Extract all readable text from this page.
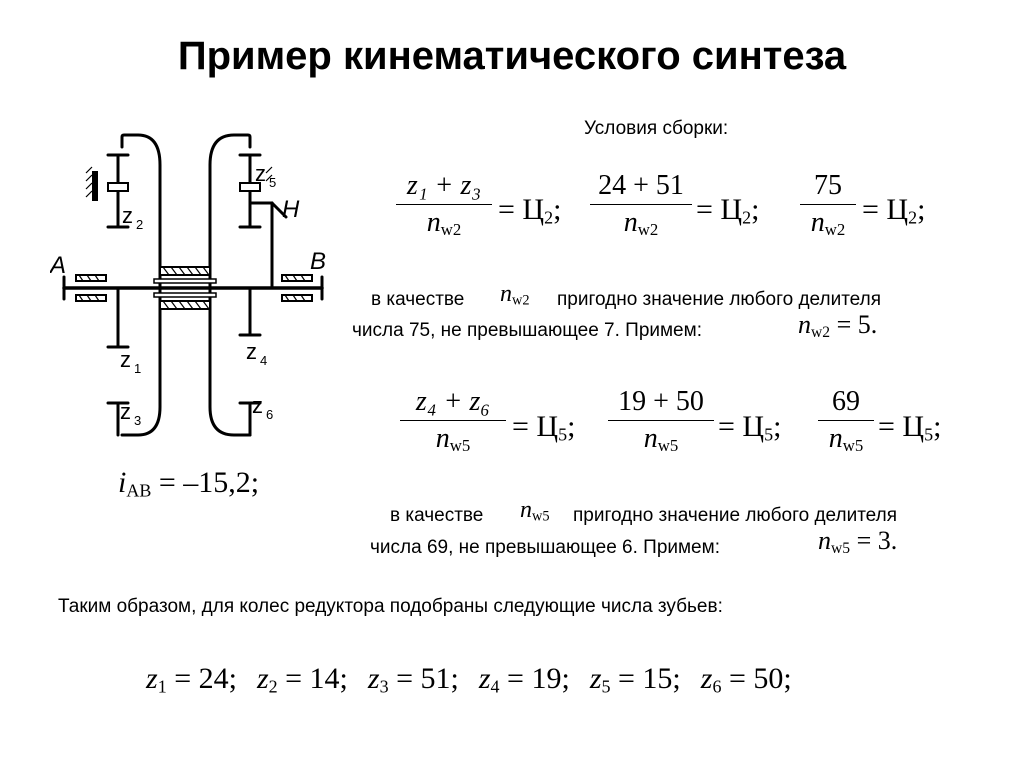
Пример кинематического синтеза
A	B
H
z 2
z 1
z 3
z 5
z 4
z 6
$i_{AB} = -15,2$;
Условия сборки:
z₁ + z₃
$n_{w2}$
= $Ц_2$;
24 + 51
$n_{w2}$
= $Ц_2$;
75
$n_{w2}$
= $Ц_2$;
в качестве $n_{w2}$ пригодно значение любого делителя
числа 75, не превышающее 7. Примем:	$n_{w2} = 5$.
z₄ + z₆
$n_{w5}$
= $Ц_5$;
19 + 50
$n_{w5}$
= $Ц_5$;
69
$n_{w5}$
= $Ц_5$;
в качестве $n_{w5}$ пригодно значение любого делителя
числа 69, не превышающее 6. Примем:	$n_{w5} = 3$.
Таким образом, для колес редуктора подобраны следующие числа зубьев:
$z_1 = 24$; $z_2 = 14$; $z_3 = 51$; $z_4 = 19$; $z_5 = 15$; $z_6 = 50$;
